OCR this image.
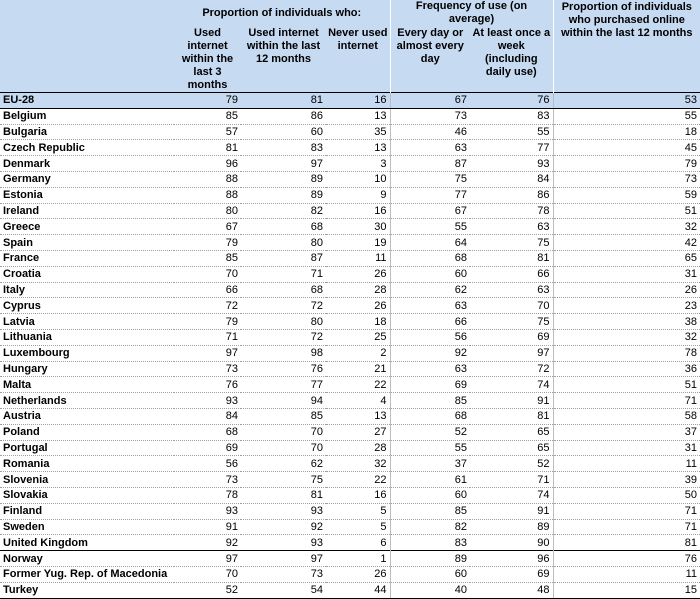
	Proportion of individuals who:			Frequency of use (on average)		Proportion of individuals who purchased online within the last 12 months
	Used internet within the last 3 months	Used internet within the last 12 months	Never used internet	Every day or almost every day	At least once a week (including daily use)	
EU-28	79	81	16	67	76	53
Belgium	85	86	13	73	83	55
Bulgaria	57	60	35	46	55	18
Czech Republic	81	83	13	63	77	45
Denmark	96	97	3	87	93	79
Germany	88	89	10	75	84	73
Estonia	88	89	9	77	86	59
Ireland	80	82	16	67	78	51
Greece	67	68	30	55	63	32
Spain	79	80	19	64	75	42
France	85	87	11	68	81	65
Croatia	70	71	26	60	66	31
Italy	66	68	28	62	63	26
Cyprus	72	72	26	63	70	23
Latvia	79	80	18	66	75	38
Lithuania	71	72	25	56	69	32
Luxembourg	97	98	2	92	97	78
Hungary	73	76	21	63	72	36
Malta	76	77	22	69	74	51
Netherlands	93	94	4	85	91	71
Austria	84	85	13	68	81	58
Poland	68	70	27	52	65	37
Portugal	69	70	28	55	65	31
Romania	56	62	32	37	52	11
Slovenia	73	75	22	61	71	39
Slovakia	78	81	16	60	74	50
Finland	93	93	5	85	91	71
Sweden	91	92	5	82	89	71
United Kingdom	92	93	6	83	90	81
Norway	97	97	1	89	96	76
Former Yug. Rep. of Macedonia	70	73	26	60	69	11
Turkey	52	54	44	40	48	15
